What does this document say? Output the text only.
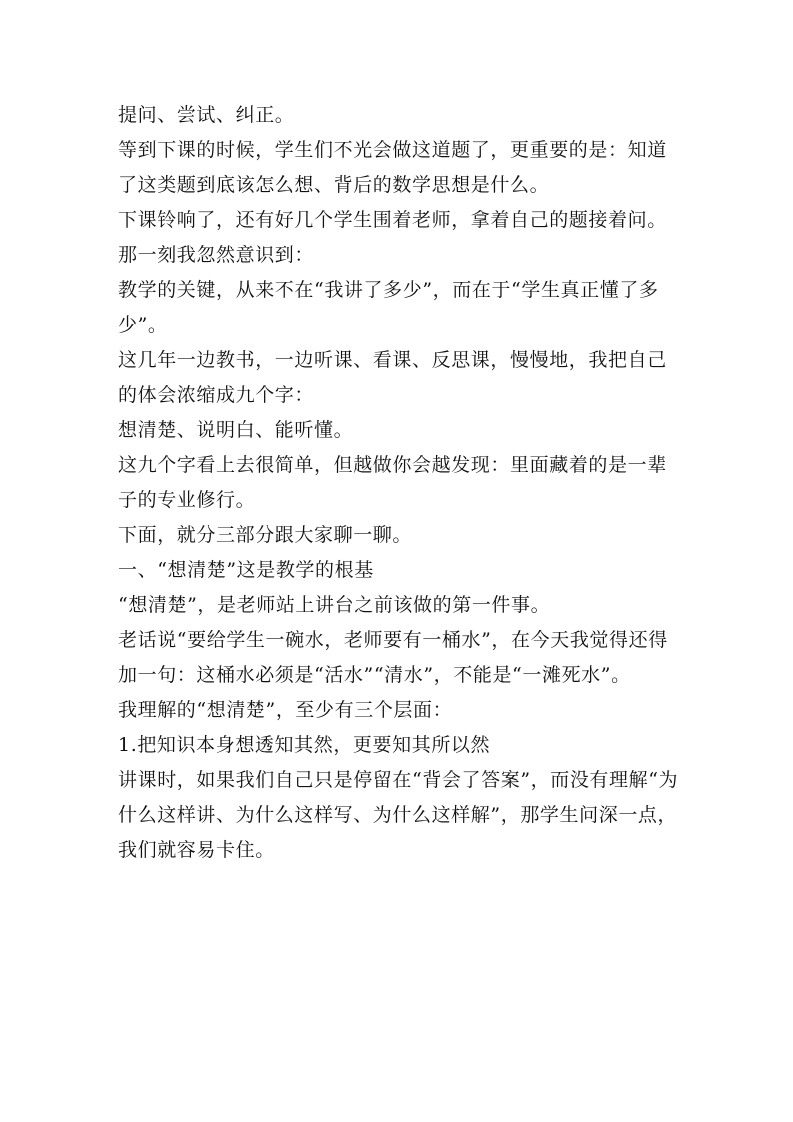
提问、尝试、纠正。
等到下课的时候，学生们不光会做这道题了，更重要的是：知道
了这类题到底该怎么想、背后的数学思想是什么。
下课铃响了，还有好几个学生围着老师，拿着自己的题接着问。
那一刻我忽然意识到：
教学的关键，从来不在“我讲了多少”，而在于“学生真正懂了多
少”。
这几年一边教书，一边听课、看课、反思课，慢慢地，我把自己
的体会浓缩成九个字：
想清楚、说明白、能听懂。
这九个字看上去很简单，但越做你会越发现：里面藏着的是一辈
子的专业修行。
下面，就分三部分跟大家聊一聊。
一、“想清楚”这是教学的根基
“想清楚”，是老师站上讲台之前该做的第一件事。
老话说“要给学生一碗水，老师要有一桶水”，在今天我觉得还得
加一句：这桶水必须是“活水”“清水”，不能是“一滩死水”。
我理解的“想清楚”，至少有三个层面：
1.把知识本身想透知其然，更要知其所以然
讲课时，如果我们自己只是停留在“背会了答案”，而没有理解“为
什么这样讲、为什么这样写、为什么这样解”，那学生问深一点，
我们就容易卡住。
